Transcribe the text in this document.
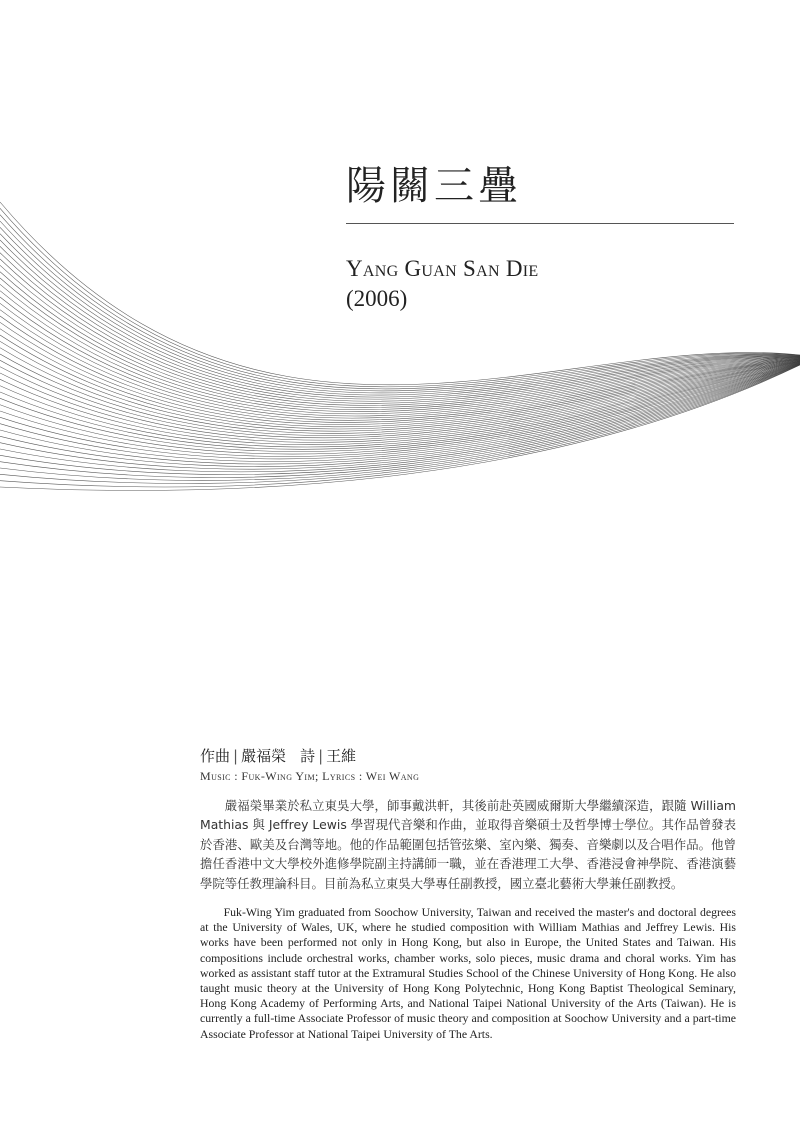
陽關三疊
Yang Guan San Die
(2006)
作曲 | 嚴福榮 詩 | 王維
Music : Fuk-Wing Yim; Lyrics : Wei Wang

嚴福榮畢業於私立東吳大學，師事戴洪軒，其後前赴英國威爾斯大學繼續深造，跟隨 William Mathias 與 Jeffrey Lewis 學習現代音樂和作曲，並取得音樂碩士及哲學博士學位。其作品曾發表於香港、歐美及台灣等地。他的作品範圍包括管弦樂、室內樂、獨奏、音樂劇以及合唱作品。他曾擔任香港中文大學校外進修學院副主持講師一職，並在香港理工大學、香港浸會神學院、香港演藝學院等任教理論科目。目前為私立東吳大學專任副教授，國立臺北藝術大學兼任副教授。

Fuk-Wing Yim graduated from Soochow University, Taiwan and received the master's and doctoral degrees at the University of Wales, UK, where he studied composition with William Mathias and Jeffrey Lewis. His works have been performed not only in Hong Kong, but also in Europe, the United States and Taiwan. His compositions include orchestral works, chamber works, solo pieces, music drama and choral works. Yim has worked as assistant staff tutor at the Extramural Studies School of the Chinese University of Hong Kong. He also taught music theory at the University of Hong Kong Polytechnic, Hong Kong Baptist Theological Seminary, Hong Kong Academy of Performing Arts, and National Taipei National University of the Arts (Taiwan). He is currently a full-time Associate Professor of music theory and composition at Soochow University and a part-time Associate Professor at National Taipei University of The Arts.
